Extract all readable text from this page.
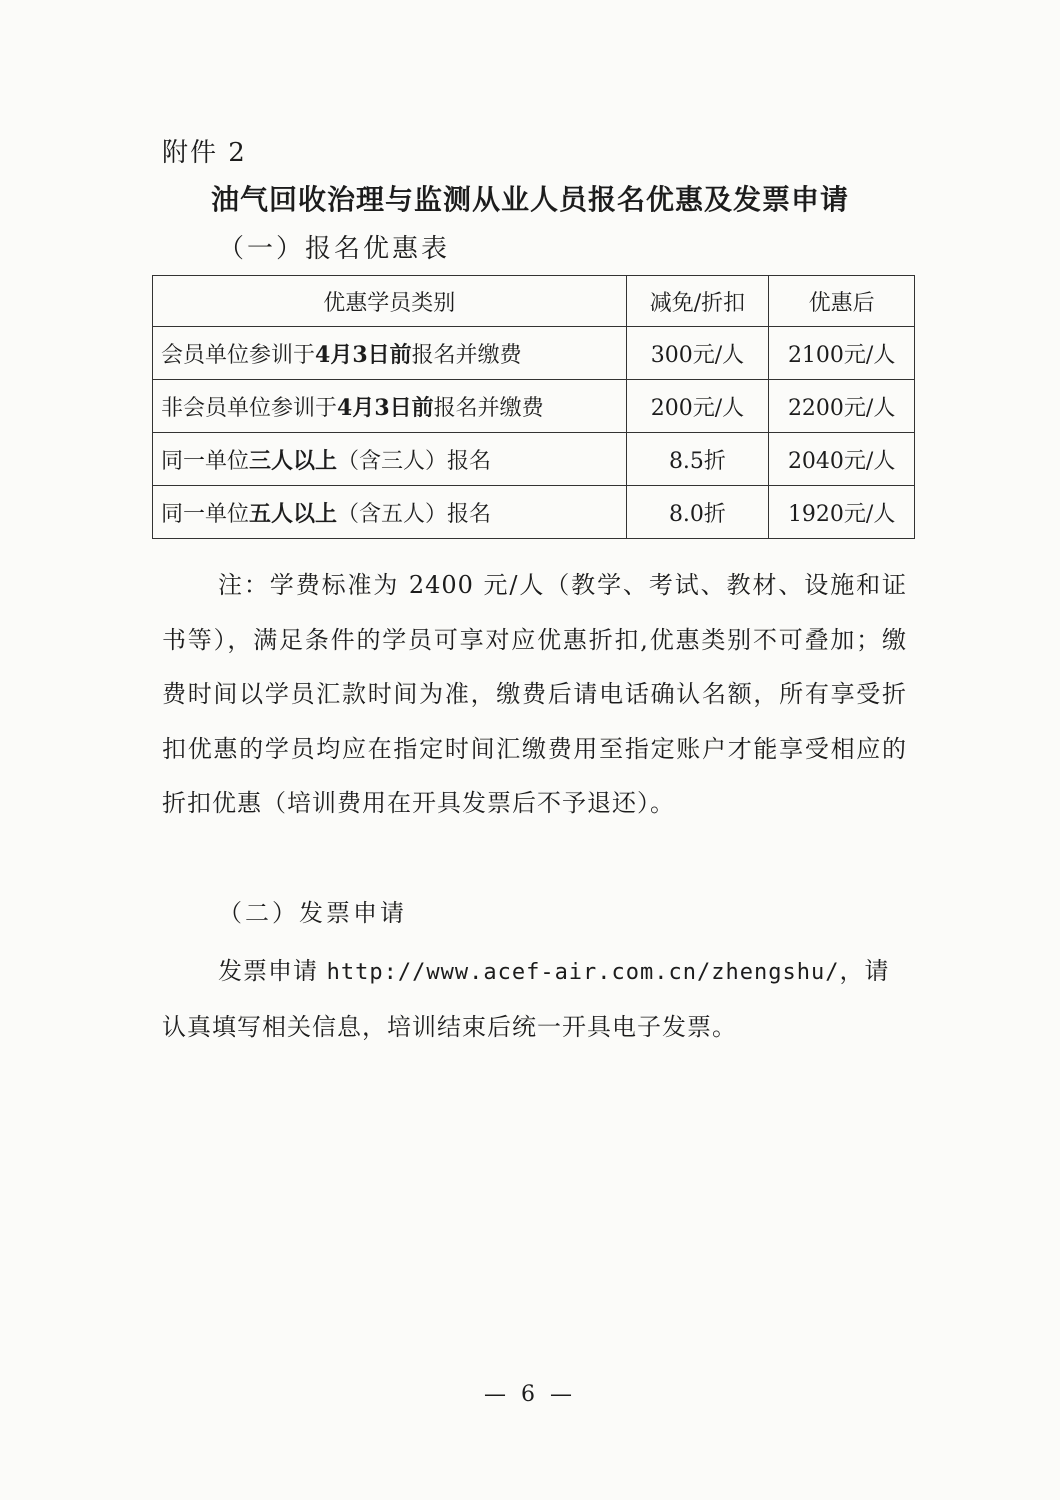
附件 2
油气回收治理与监测从业人员报名优惠及发票申请
（一）报名优惠表
优惠学员类别	减免/折扣	优惠后
会员单位参训于4月3日前报名并缴费	300元/人	2100元/人
非会员单位参训于4月3日前报名并缴费	200元/人	2200元/人
同一单位三人以上（含三人）报名	8.5折	2040元/人
同一单位五人以上（含五人）报名	8.0折	1920元/人

注：学费标准为 2400 元/人（教学、考试、教材、设施和证书等），满足条件的学员可享对应优惠折扣,优惠类别不可叠加；缴费时间以学员汇款时间为准，缴费后请电话确认名额，所有享受折扣优惠的学员均应在指定时间汇缴费用至指定账户才能享受相应的折扣优惠（培训费用在开具发票后不予退还）。

（二）发票申请

发票申请 http://www.acef-air.com.cn/zhengshu/，请认真填写相关信息，培训结束后统一开具电子发票。

— 6 —
